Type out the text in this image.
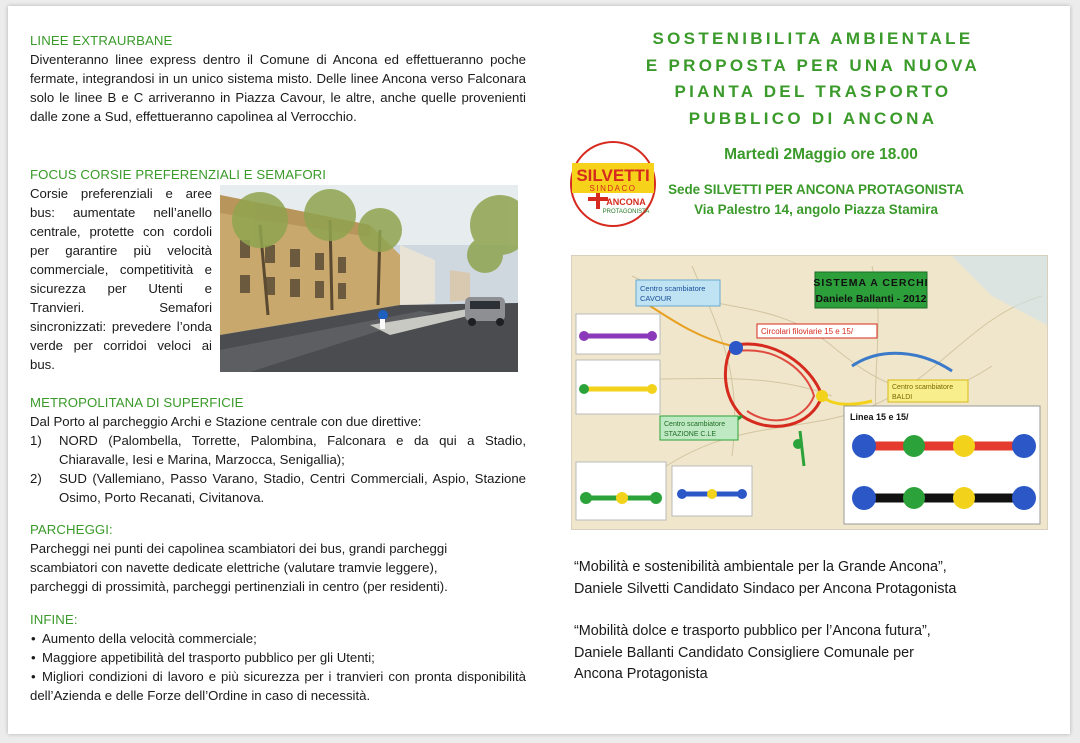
LINEE EXTRAURBANE
Diventeranno linee express dentro il Comune di Ancona ed effettueranno poche fermate, integrandosi in un unico sistema misto. Delle linee Ancona verso Falconara solo le linee B e C arriveranno in Piazza Cavour, le altre, anche quelle provenienti dalle zone a Sud, effettueranno capolinea al Verrocchio.
FOCUS CORSIE PREFERENZIALI E SEMAFORI
Corsie preferenziali e aree bus: aumentate nell’anello centrale, protette con cordoli per garantire più velocità commerciale, competitività e sicurezza per Utenti e Tranvieri. Semafori sincronizzati: prevedere l’onda verde per corridoi veloci ai bus.
METROPOLITANA DI SUPERFICIE
Dal Porto al parcheggio Archi e Stazione centrale con due direttive:
1) NORD (Palombella, Torrette, Palombina, Falconara e da qui a Stadio, Chiaravalle, Iesi e Marina, Marzocca, Senigallia);
2) SUD (Vallemiano, Passo Varano, Stadio, Centri Commerciali, Aspio, Stazione Osimo, Porto Recanati, Civitanova.
PARCHEGGI:
Parcheggi nei punti dei capolinea scambiatori dei bus, grandi parcheggi
scambiatori con navette dedicate elettriche (valutare tramvie leggere),
parcheggi di prossimità, parcheggi pertinenziali in centro (per residenti).
INFINE:
• Aumento della velocità commerciale;
• Maggiore appetibilità del trasporto pubblico per gli Utenti;
• Migliori condizioni di lavoro e più sicurezza per i tranvieri con pronta disponibilità dell’Azienda e delle Forze dell’Ordine in caso di necessità.
SOSTENIBILITA AMBIENTALE
E PROPOSTA PER UNA NUOVA
PIANTA DEL TRASPORTO
PUBBLICO DI ANCONA
SILVETTI
SINDACO
ANCONA
PROTAGONISTA
Martedì 2Maggio ore 18.00
Sede SILVETTI PER ANCONA PROTAGONISTA
Via Palestro 14, angolo Piazza Stamira
SISTEMA A CERCHI
Daniele Ballanti - 2012
Centro scambiatore
CAVOUR
Circolari filoviarie 15 e 15/
Centro scambiatore
STAZIONE C.LE
Centro scambiatore
BALDI
Linea 15 e 15/
“Mobilità e sostenibilità ambientale per la Grande Ancona”,
Daniele Silvetti Candidato Sindaco per Ancona Protagonista
“Mobilità dolce e trasporto pubblico per l’Ancona futura”,
Daniele Ballanti Candidato Consigliere Comunale per
Ancona Protagonista
